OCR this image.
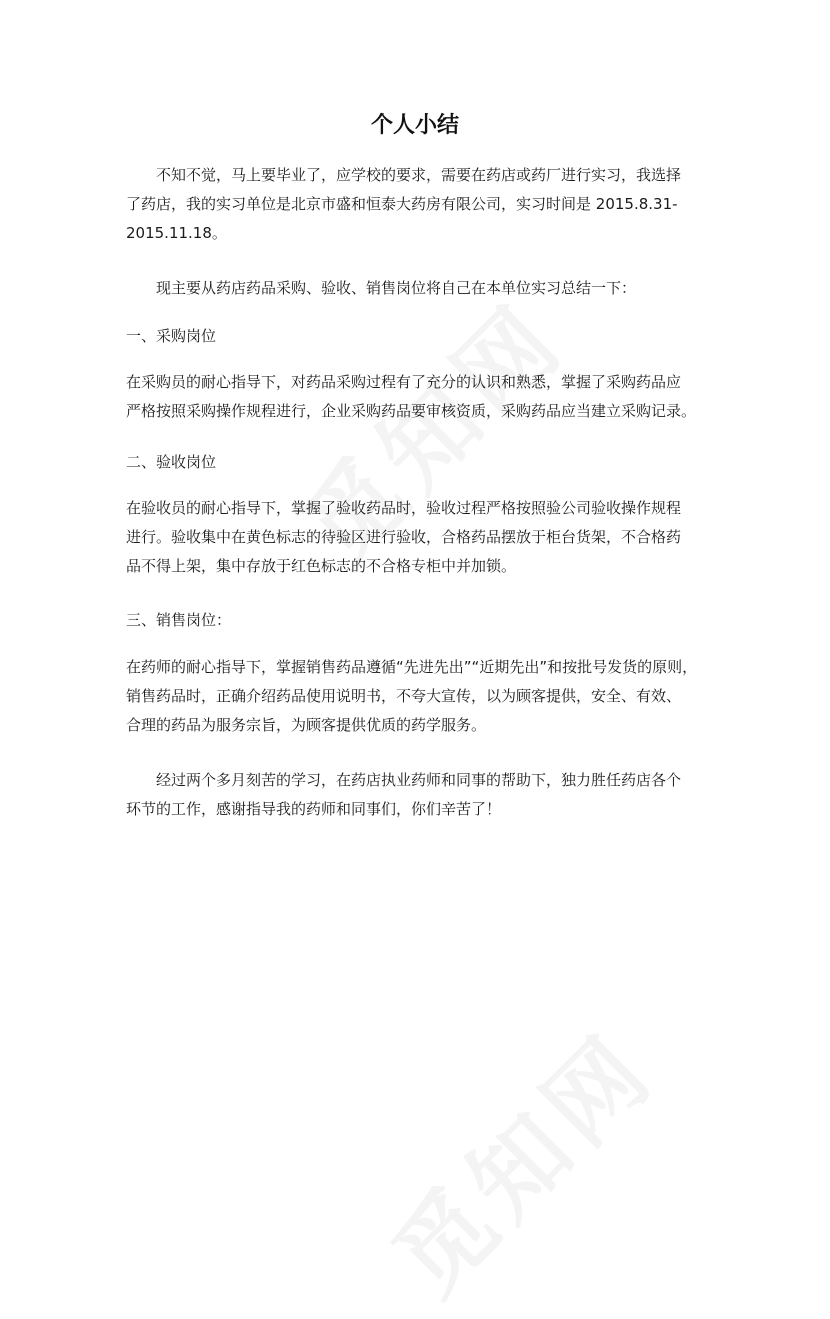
个人小结

不知不觉，马上要毕业了，应学校的要求，需要在药店或药厂进行实习，我选择

了药店，我的实习单位是北京市盛和恒泰大药房有限公司，实习时间是 2015.8.31-
2015.11.18。

现主要从药店药品采购、验收、销售岗位将自己在本单位实习总结一下：

一、采购岗位

在采购员的耐心指导下，对药品采购过程有了充分的认识和熟悉，掌握了采购药品应
严格按照采购操作规程进行，企业采购药品要审核资质，采购药品应当建立采购记录。

二、验收岗位

在验收员的耐心指导下，掌握了验收药品时，验收过程严格按照验公司验收操作规程
进行。验收集中在黄色标志的待验区进行验收，合格药品摆放于柜台货架，不合格药
品不得上架，集中存放于红色标志的不合格专柜中并加锁。

三、销售岗位：

在药师的耐心指导下，掌握销售药品遵循“先进先出”“近期先出”和按批号发货的原则，
销售药品时，正确介绍药品使用说明书，不夸大宣传，以为顾客提供，安全、有效、
合理的药品为服务宗旨，为顾客提供优质的药学服务。

经过两个多月刻苦的学习，在药店执业药师和同事的帮助下，独力胜任药店各个

环节的工作，感谢指导我的药师和同事们，你们辛苦了！
